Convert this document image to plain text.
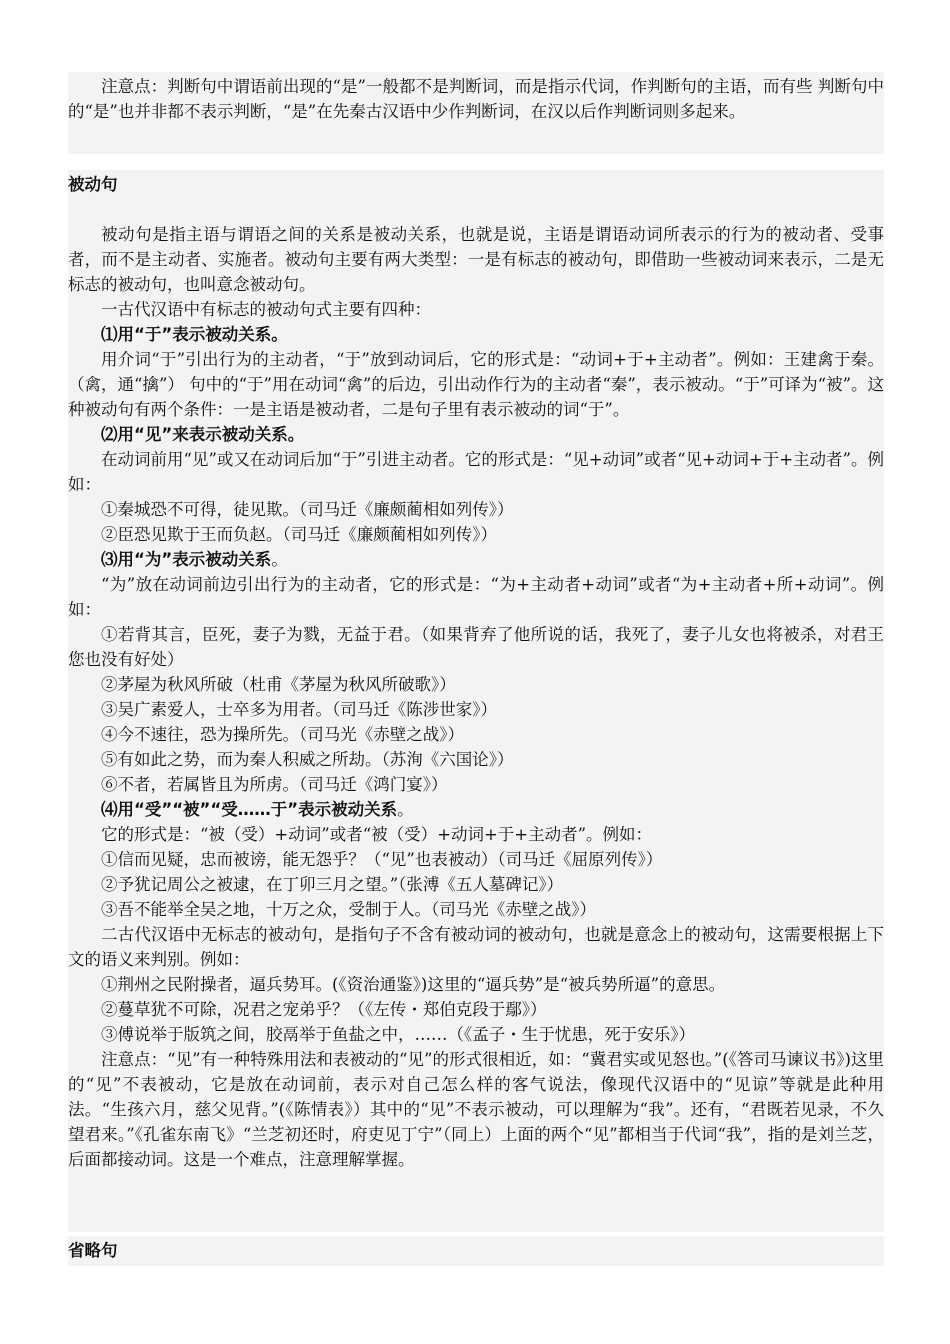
注意点：判断句中谓语前出现的“是”一般都不是判断词，而是指示代词，作判断句的主语，而有些 判断句中的“是”也并非都不表示判断，“是”在先秦古汉语中少作判断词，在汉以后作判断词则多起来。

被动句

被动句是指主语与谓语之间的关系是被动关系，也就是说，主语是谓语动词所表示的行为的被动者、受事者，而不是主动者、实施者。被动句主要有两大类型：一是有标志的被动句，即借助一些被动词来表示，二是无标志的被动句，也叫意念被动句。

一古代汉语中有标志的被动句式主要有四种：

⑴用“于”表示被动关系。

用介词“于”引出行为的主动者，“于”放到动词后，它的形式是：“动词+于+主动者”。例如：王建禽于秦。（禽，通“擒”） 句中的“于”用在动词“禽”的后边，引出动作行为的主动者“秦”，表示被动。“于”可译为“被”。这种被动句有两个条件：一是主语是被动者，二是句子里有表示被动的词“于”。

⑵用“见”来表示被动关系。

在动词前用“见”或又在动词后加“于”引进主动者。它的形式是：“见+动词”或者“见+动词+于+主动者”。例如：

①秦城恐不可得，徒见欺。（司马迁《廉颇蔺相如列传》）

②臣恐见欺于王而负赵。（司马迁《廉颇蔺相如列传》）

⑶用“为”表示被动关系。

“为”放在动词前边引出行为的主动者，它的形式是：“为+主动者+动词”或者“为+主动者+所+动词”。例如：

①若背其言，臣死，妻子为戮，无益于君。（如果背弃了他所说的话，我死了，妻子儿女也将被杀，对君王您也没有好处）

②茅屋为秋风所破（杜甫《茅屋为秋风所破歌》）

③吴广素爱人，士卒多为用者。（司马迁《陈涉世家》）

④今不速往，恐为操所先。（司马光《赤壁之战》）

⑤有如此之势，而为秦人积威之所劫。（苏洵《六国论》）

⑥不者，若属皆且为所虏。（司马迁《鸿门宴》）

⑷用“受”“被”“受……于”表示被动关系。

它的形式是：“被（受）+动词”或者“被（受）+动词+于+主动者”。例如：

①信而见疑，忠而被谤，能无怨乎？（“见”也表被动）（司马迁《屈原列传》）

②予犹记周公之被逮，在丁卯三月之望。”（张溥《五人墓碑记》）

③吾不能举全吴之地，十万之众，受制于人。（司马光《赤壁之战》）

二古代汉语中无标志的被动句，是指句子不含有被动词的被动句，也就是意念上的被动句，这需要根据上下文的语义来判别。例如：

①荆州之民附操者，逼兵势耳。(《资治通鉴》)这里的“逼兵势”是“被兵势所逼”的意思。

②蔓草犹不可除，况君之宠弟乎？（《左传・郑伯克段于鄢》）

③傅说举于版筑之间，胶鬲举于鱼盐之中，……（《孟子・生于忧患，死于安乐》）

注意点：“见”有一种特殊用法和表被动的“见”的形式很相近，如：“冀君实或见怒也。”(《答司马谏议书》)这里的“见”不表被动，它是放在动词前，表示对自己怎么样的客气说法，像现代汉语中的“见谅”等就是此种用法。“生孩六月，慈父见背。”(《陈情表》）其中的“见”不表示被动，可以理解为“我”。还有，“君既若见录，不久望君来。”《孔雀东南飞》“兰芝初还时，府吏见丁宁”（同上）上面的两个“见”都相当于代词“我”，指的是刘兰芝，后面都接动词。这是一个难点，注意理解掌握。

省略句
